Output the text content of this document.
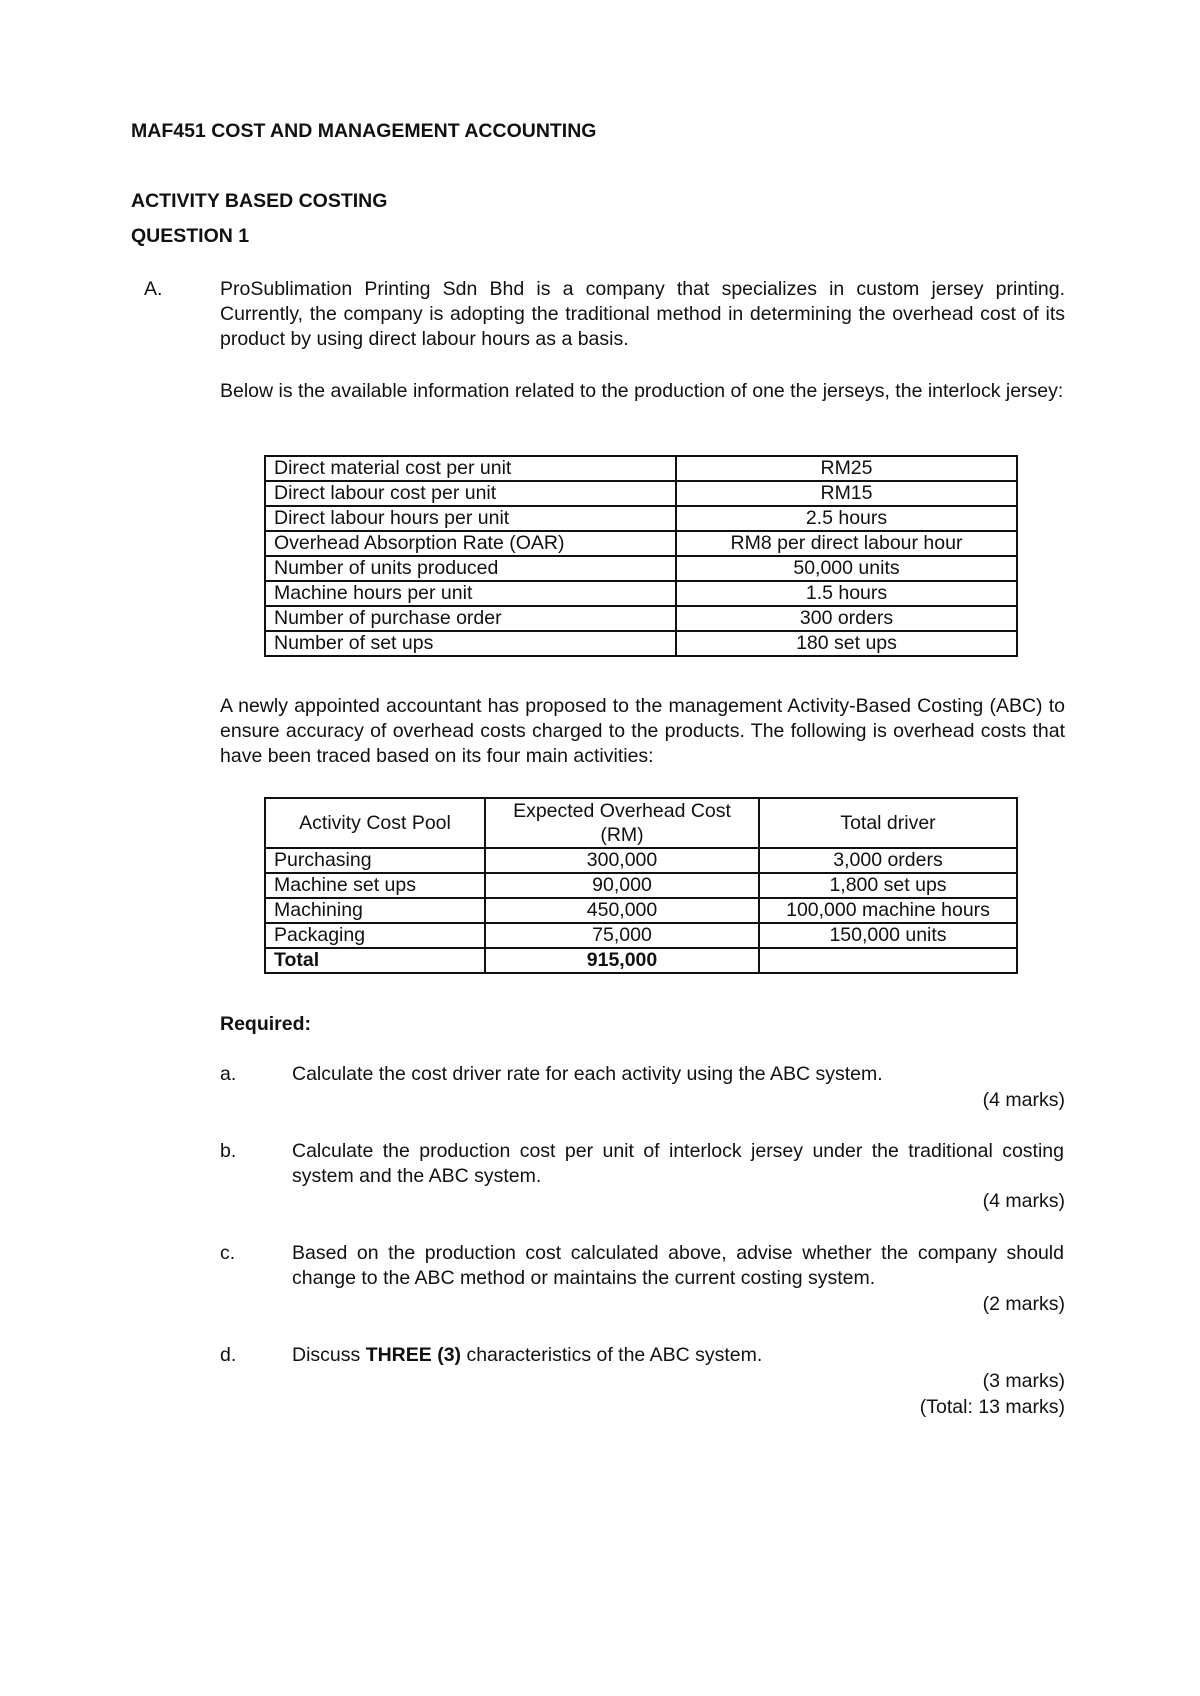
MAF451 COST AND MANAGEMENT ACCOUNTING
ACTIVITY BASED COSTING
QUESTION 1
A.	ProSublimation Printing Sdn Bhd is a company that specializes in custom jersey printing. Currently, the company is adopting the traditional method in determining the overhead cost of its product by using direct labour hours as a basis.
Below is the available information related to the production of one the jerseys, the interlock jersey:
Direct material cost per unit	RM25
Direct labour cost per unit	RM15
Direct labour hours per unit	2.5 hours
Overhead Absorption Rate (OAR)	RM8 per direct labour hour
Number of units produced	50,000 units
Machine hours per unit	1.5 hours
Number of purchase order	300 orders
Number of set ups	180 set ups
A newly appointed accountant has proposed to the management Activity-Based Costing (ABC) to ensure accuracy of overhead costs charged to the products. The following is overhead costs that have been traced based on its four main activities:
Activity Cost Pool	Expected Overhead Cost (RM)	Total driver
Purchasing	300,000	3,000 orders
Machine set ups	90,000	1,800 set ups
Machining	450,000	100,000 machine hours
Packaging	75,000	150,000 units
Total	915,000	
Required:
a.	Calculate the cost driver rate for each activity using the ABC system.
(4 marks)
b.	Calculate the production cost per unit of interlock jersey under the traditional costing system and the ABC system.
(4 marks)
c.	Based on the production cost calculated above, advise whether the company should change to the ABC method or maintains the current costing system.
(2 marks)
d.	Discuss THREE (3) characteristics of the ABC system.
(3 marks)
(Total: 13 marks)
